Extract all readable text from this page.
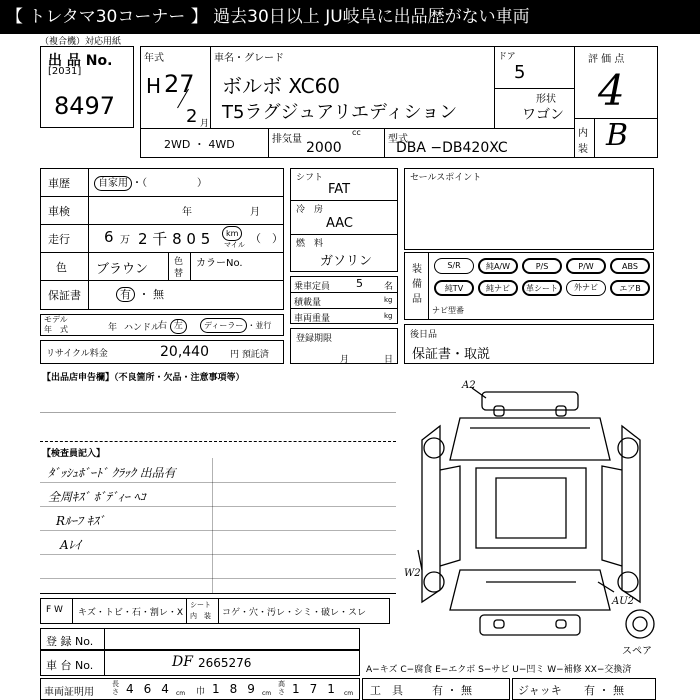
【 トレタマ30コーナー 】 過去30日以上 JU岐阜に出品歴がない車両
（複合機）対応用紙
出 品 No.
[2031]
8497
年式
H 27
2 月
車名・グレード
ボルボ XC60
T5ラグジュアリエディション
ドア
5
形状
ワゴン
評 価 点
4
内
装 B
2WD ・ 4WD	排気量
cc
2000
型式
DBA −DB420XC
車歴	自家用 ・（　　　　　）
車検	年	月
走行 6 万 2 千 8 0 5	km
マイル （　）
色 ブラウン	色
替
カラーNo.
保証書	有 ・ 無
モデル
年　式	年 ハンドル
右 左	ディーラー ・並行
リサイクル料金	20,440 円 預託済
シフト
FAT
冷　房
AAC
燃　料
ガソリン
乗車定員 5 名
積載量	kg
車両重量	kg
登録期限
月	日
セールスポイント
装備品
S/R	純A/W	P/S	P/W	ABS
純TV	純ナビ	革シート	外ナビ	エアB
ナビ型番
後日品
保証書・取説
【出品店申告欄】（不良箇所・欠品・注意事項等）
【検査員記入】
ﾀﾞｯｼｭﾎﾞｰﾄﾞ ｸﾗｯｸ 出品有
全周ｷｽﾞ ﾎﾞﾃﾞｨｰ ﾍｺ
Rﾙｰﾌ ｷｽﾞ
Aﾚｲ
A2
W2
AU2
スペア
F W キズ・トビ・石・割レ・X
シート
内　装 コゲ・穴・汚レ・シミ・破レ・スレ
登 録 No.
車 台 No.	DF 2665276
車両証明用
長さ 464
cm 巾 189
cm
高さ 171 cm
A−キズ C−腐食 E−エクボ S−サビ U−凹ミ W−補修 XX−交換済
工　具	有 ・ 無	ジャッキ 有 ・ 無
